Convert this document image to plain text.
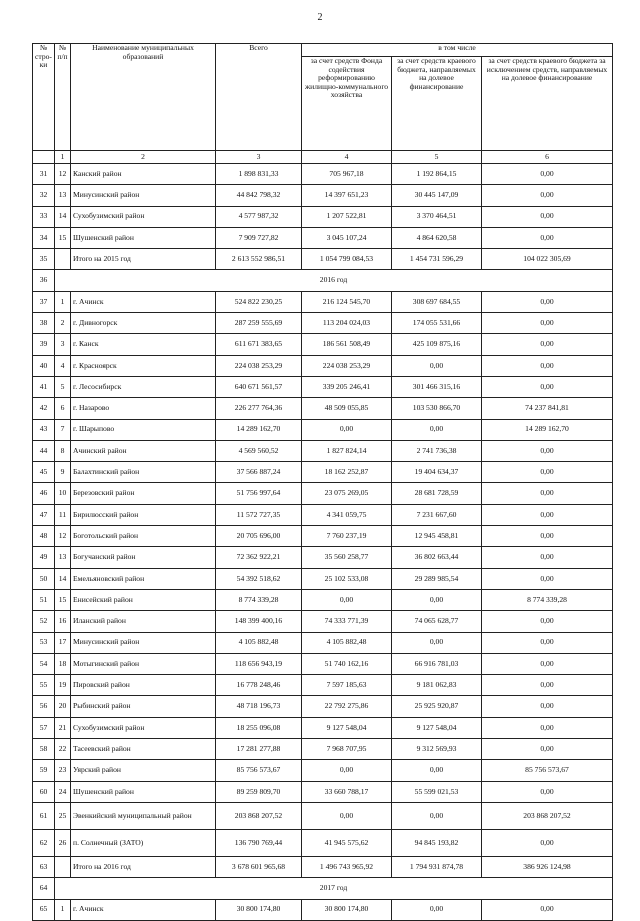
2
№ стро-ки	№ п/п	Наименование муниципальных образований	Всего	в том числе		
				за счет средств Фонда содействия реформированию жилищно-коммунального хозяйства	за счет средств краевого бюджета, направляемых на долевое финансирование	за счет средств краевого бюджета за исключением средств, направляемых на долевое финансирование
	1	2	3	4	5	6
31	12	Канский район	1 898 831,33	705 967,18	1 192 864,15	0,00
32	13	Минусинский район	44 842 798,32	14 397 651,23	30 445 147,09	0,00
33	14	Сухобузимский район	4 577 987,32	1 207 522,81	3 370 464,51	0,00
34	15	Шушенский район	7 909 727,82	3 045 107,24	4 864 620,58	0,00
35		Итого на 2015 год	2 613 552 986,51	1 054 799 084,53	1 454 731 596,29	104 022 305,69
36	2016 год					
37	1	г. Ачинск	524 822 230,25	216 124 545,70	308 697 684,55	0,00
38	2	г. Дивногорск	287 259 555,69	113 204 024,03	174 055 531,66	0,00
39	3	г. Канск	611 671 383,65	186 561 508,49	425 109 875,16	0,00
40	4	г. Красноярск	224 038 253,29	224 038 253,29	0,00	0,00
41	5	г. Лесосибирск	640 671 561,57	339 205 246,41	301 466 315,16	0,00
42	6	г. Назарово	226 277 764,36	48 509 055,85	103 530 866,70	74 237 841,81
43	7	г. Шарыпово	14 289 162,70	0,00	0,00	14 289 162,70
44	8	Ачинский район	4 569 560,52	1 827 824,14	2 741 736,38	0,00
45	9	Балахтинский район	37 566 887,24	18 162 252,87	19 404 634,37	0,00
46	10	Березовский район	51 756 997,64	23 075 269,05	28 681 728,59	0,00
47	11	Бирилюсский район	11 572 727,35	4 341 059,75	7 231 667,60	0,00
48	12	Боготольский район	20 705 696,00	7 760 237,19	12 945 458,81	0,00
49	13	Богучанский район	72 362 922,21	35 560 258,77	36 802 663,44	0,00
50	14	Емельяновский район	54 392 518,62	25 102 533,08	29 289 985,54	0,00
51	15	Енисейский район	8 774 339,28	0,00	0,00	8 774 339,28
52	16	Иланский район	148 399 400,16	74 333 771,39	74 065 628,77	0,00
53	17	Минусинский район	4 105 882,48	4 105 882,48	0,00	0,00
54	18	Мотыгинский район	118 656 943,19	51 740 162,16	66 916 781,03	0,00
55	19	Пировский район	16 778 248,46	7 597 185,63	9 181 062,83	0,00
56	20	Рыбинский район	48 718 196,73	22 792 275,86	25 925 920,87	0,00
57	21	Сухобузимский район	18 255 096,08	9 127 548,04	9 127 548,04	0,00
58	22	Тасеевский район	17 281 277,88	7 968 707,95	9 312 569,93	0,00
59	23	Уярский район	85 756 573,67	0,00	0,00	85 756 573,67
60	24	Шушенский район	89 259 809,70	33 660 788,17	55 599 021,53	0,00
61	25	Эвенкийский муниципальный район	203 868 207,52	0,00	0,00	203 868 207,52
62	26	п. Солнечный (ЗАТО)	136 790 769,44	41 945 575,62	94 845 193,82	0,00
63		Итого на 2016 год	3 678 601 965,68	1 496 743 965,92	1 794 931 874,78	386 926 124,98
64	2017 год					
65	1	г. Ачинск	30 800 174,80	30 800 174,80	0,00	0,00
